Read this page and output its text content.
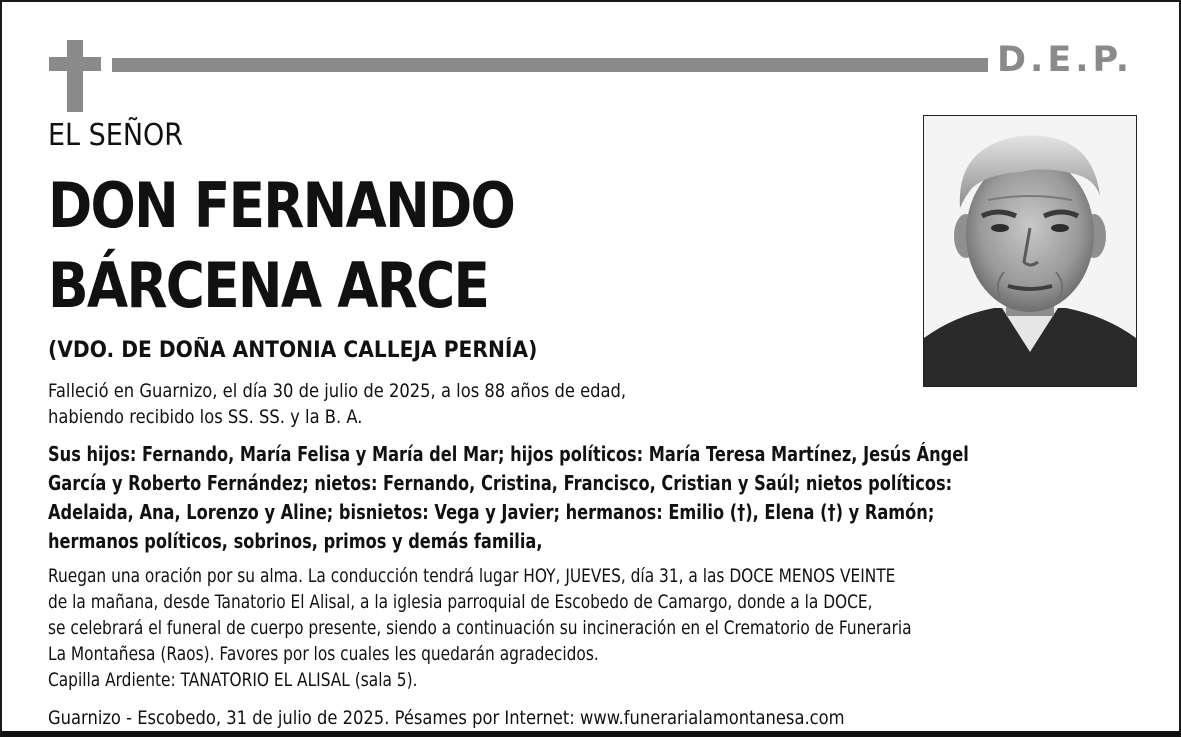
D.E.P.
EL SEÑOR
DON FERNANDO
BÁRCENA ARCE
(VDO. DE DOÑA ANTONIA CALLEJA PERNÍA)
Falleció en Guarnizo, el día 30 de julio de 2025, a los 88 años de edad,
habiendo recibido los SS. SS. y la B. A.
Sus hijos: Fernando, María Felisa y María del Mar; hijos políticos: María Teresa Martínez, Jesús Ángel
García y Roberto Fernández; nietos: Fernando, Cristina, Francisco, Cristian y Saúl; nietos políticos:
Adelaida, Ana, Lorenzo y Aline; bisnietos: Vega y Javier; hermanos: Emilio (†), Elena (†) y Ramón;
hermanos políticos, sobrinos, primos y demás familia,
Ruegan una oración por su alma. La conducción tendrá lugar HOY, JUEVES, día 31, a las DOCE MENOS VEINTE
de la mañana, desde Tanatorio El Alisal, a la iglesia parroquial de Escobedo de Camargo, donde a la DOCE,
se celebrará el funeral de cuerpo presente, siendo a continuación su incineración en el Crematorio de Funeraria
La Montañesa (Raos). Favores por los cuales les quedarán agradecidos.
Capilla Ardiente: TANATORIO EL ALISAL (sala 5).
Guarnizo - Escobedo, 31 de julio de 2025. Pésames por Internet: www.funerarialamontanesa.com
